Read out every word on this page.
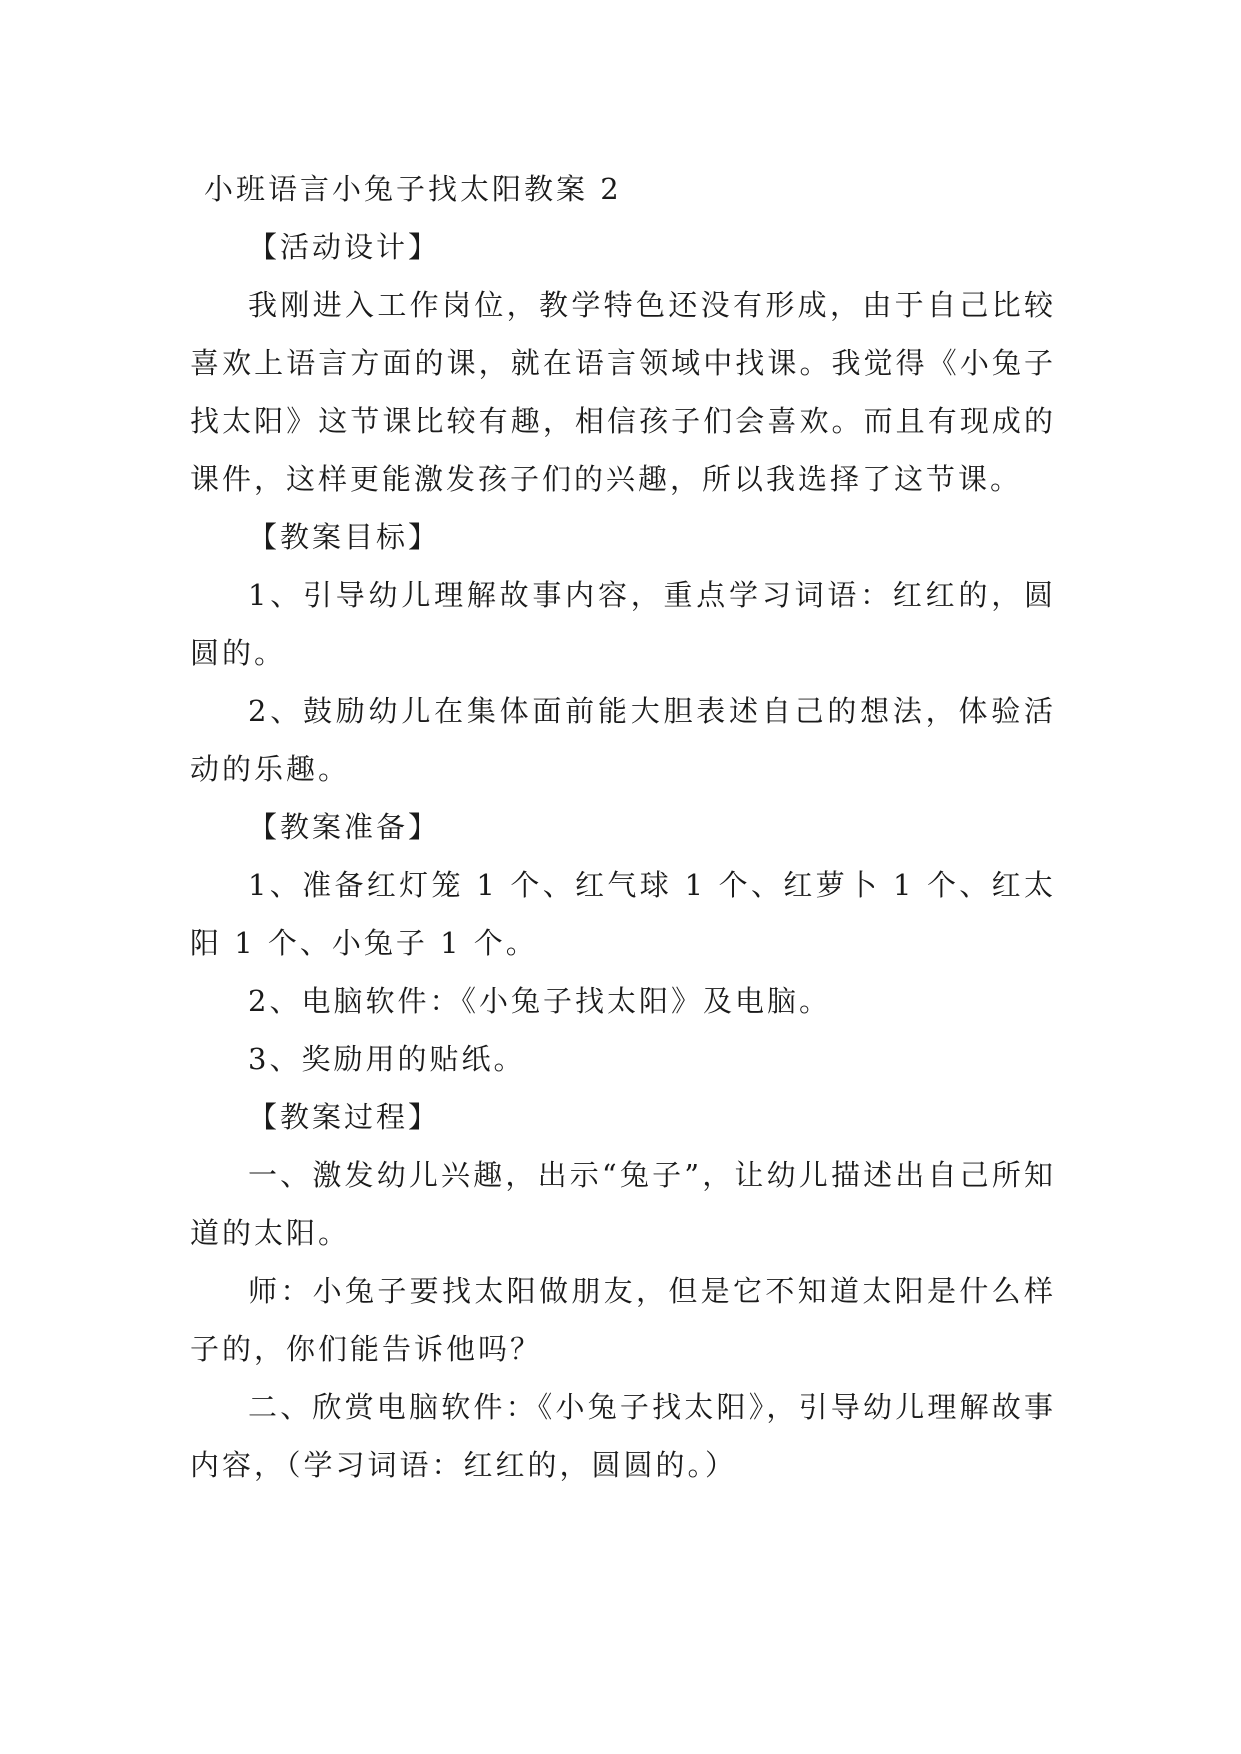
小班语言小兔子找太阳教案 2

【活动设计】

我刚进入工作岗位，教学特色还没有形成，由于自己比较喜欢上语言方面的课，就在语言领域中找课。我觉得《小兔子找太阳》这节课比较有趣，相信孩子们会喜欢。而且有现成的课件，这样更能激发孩子们的兴趣，所以我选择了这节课。

【教案目标】

1、引导幼儿理解故事内容，重点学习词语：红红的，圆圆的。

2、鼓励幼儿在集体面前能大胆表述自己的想法，体验活动的乐趣。

【教案准备】

1、准备红灯笼 1 个、红气球 1 个、红萝卜 1 个、红太阳 1 个、小兔子 1 个。

2、电脑软件：《小兔子找太阳》及电脑。

3、奖励用的贴纸。

【教案过程】

一、激发幼儿兴趣，出示“兔子”，让幼儿描述出自己所知道的太阳。

师：小兔子要找太阳做朋友，但是它不知道太阳是什么样子的，你们能告诉他吗？

二、欣赏电脑软件：《小兔子找太阳》，引导幼儿理解故事内容，（学习词语：红红的，圆圆的。）
